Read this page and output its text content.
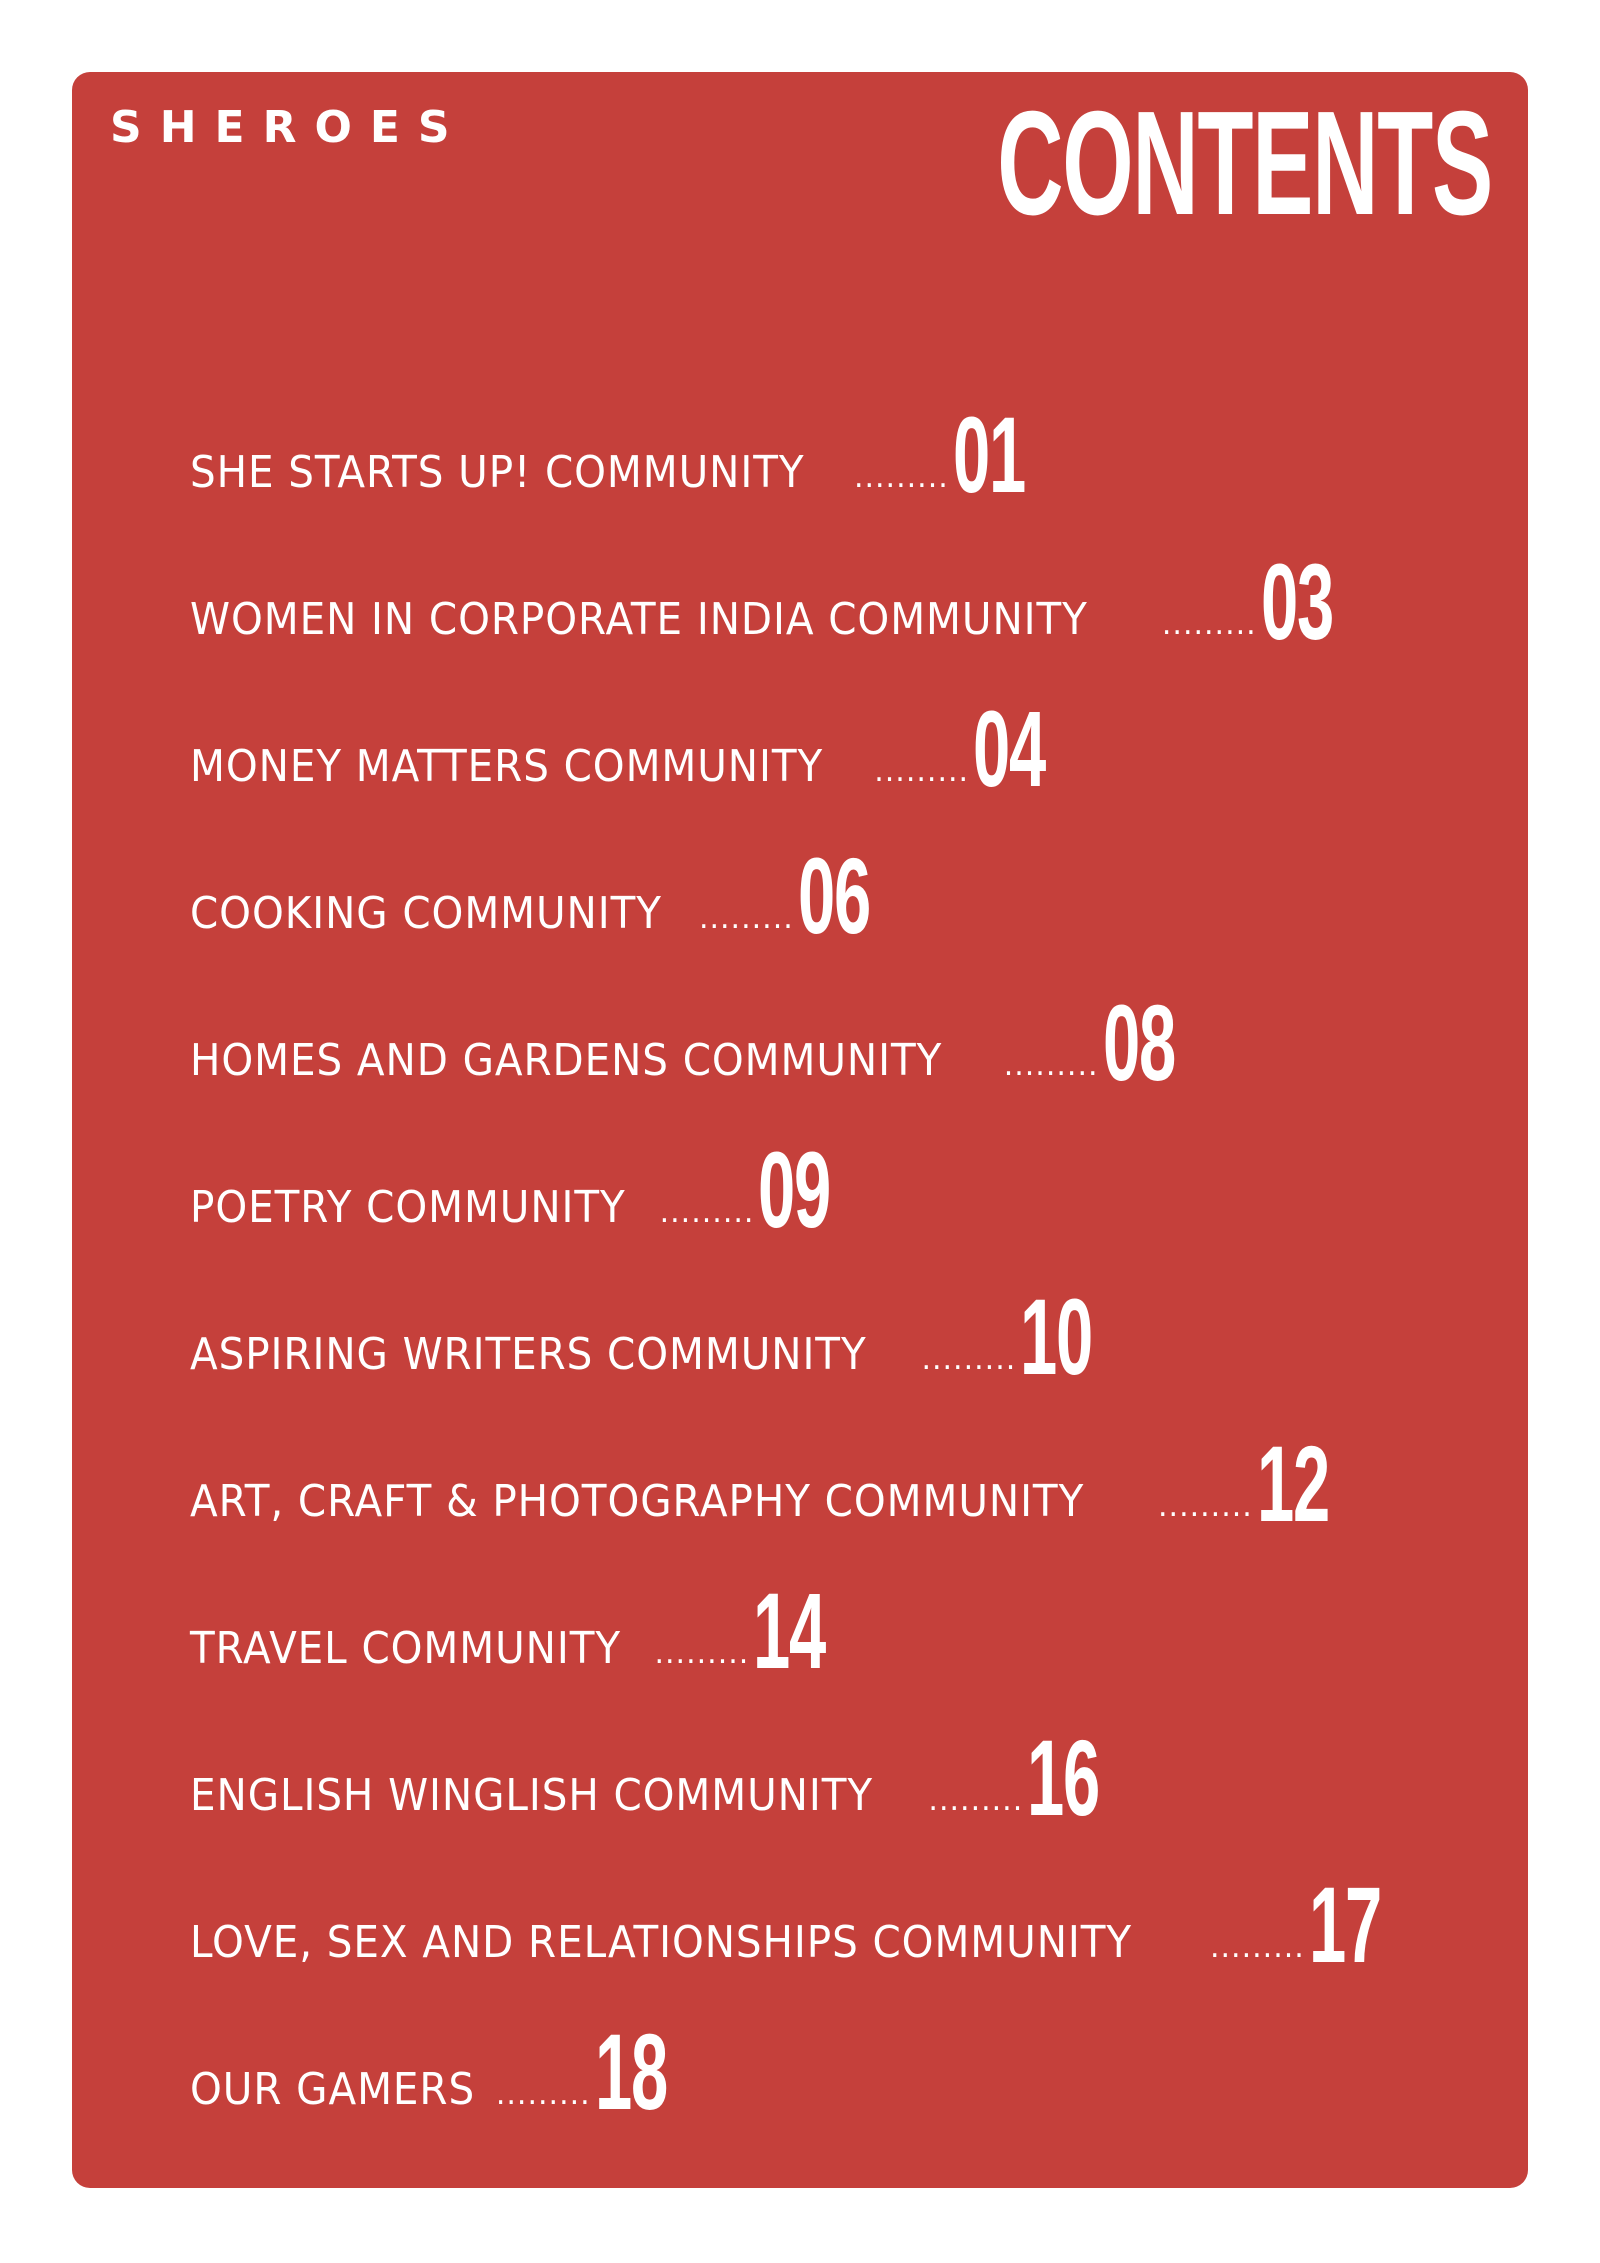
SHEROES	CONTENTS
SHE STARTS UP! COMMUNITY ......... 01
WOMEN IN CORPORATE INDIA COMMUNITY ......... 03
MONEY MATTERS COMMUNITY ......... 04
COOKING COMMUNITY ......... 06
HOMES AND GARDENS COMMUNITY ......... 08
POETRY COMMUNITY ......... 09
ASPIRING WRITERS COMMUNITY ......... 10
ART, CRAFT & PHOTOGRAPHY COMMUNITY ......... 12
TRAVEL COMMUNITY ......... 14
ENGLISH WINGLISH COMMUNITY ......... 16
LOVE, SEX AND RELATIONSHIPS COMMUNITY	......... 17
OUR GAMERS ......... 18
